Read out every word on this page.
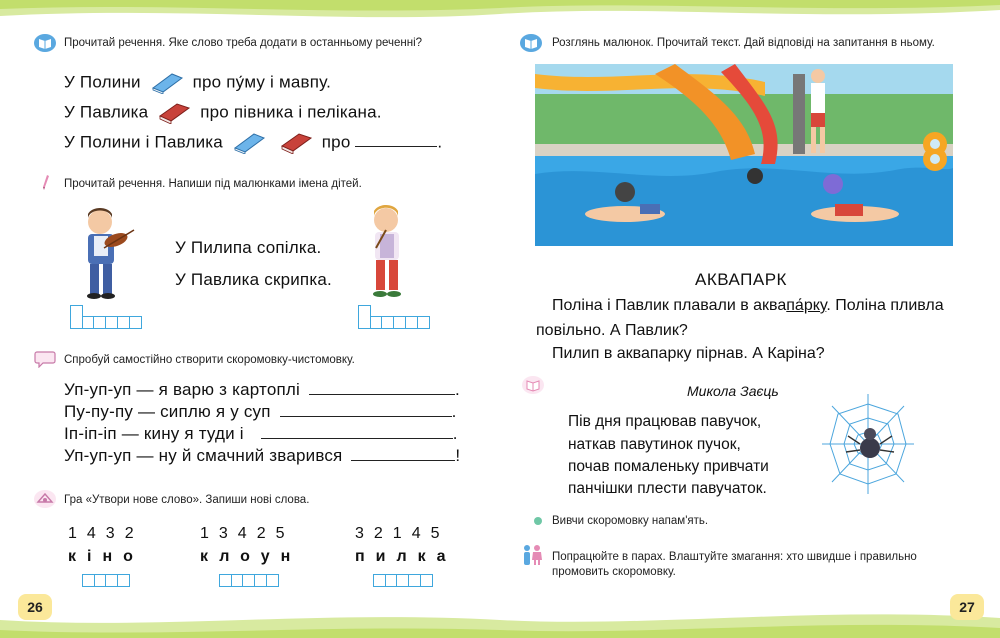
Прочитай речення. Яке слово треба додати в останньому реченні?
У Полини	про пу́му і мавпу.
У Павлика	про півника і пелікана.
У Полини і Павлика	про	.
Прочитай речення. Напиши під малюнками імена дітей.
У Пилипа сопілка.
У Павлика скрипка.
Спробуй самостійно створити скоромовку-чистомовку.
Уп-уп-уп — я варю з картоплі	.
Пу-пу-пу — сиплю я у суп	.
Іп-іп-іп — кину я туди і	.
Уп-уп-уп — ну й смачний зварився	!
Гра «Утвори нове слово». Запиши нові слова.
1432
кіно
13425
клоун
32145
пилка
26
Розглянь малюнок. Прочитай текст. Дай відповіді на запитання в ньому.
АКВАПАРК
Поліна і Павлик плавали в аквапа́рку. Поліна пливла
повільно. А Павлик?
Пилип в аквапарку пірнав. А Каріна?
Микола Заєць
Пів дня працював павучок,
наткав павутинок пучок,
почав помаленьку привчати
панчішки плести павучаток.
Вивчи скоромовку напам'ять.
Попрацюйте в парах. Влаштуйте змагання: хто швидше і правильно
промовить скоромовку.
27
